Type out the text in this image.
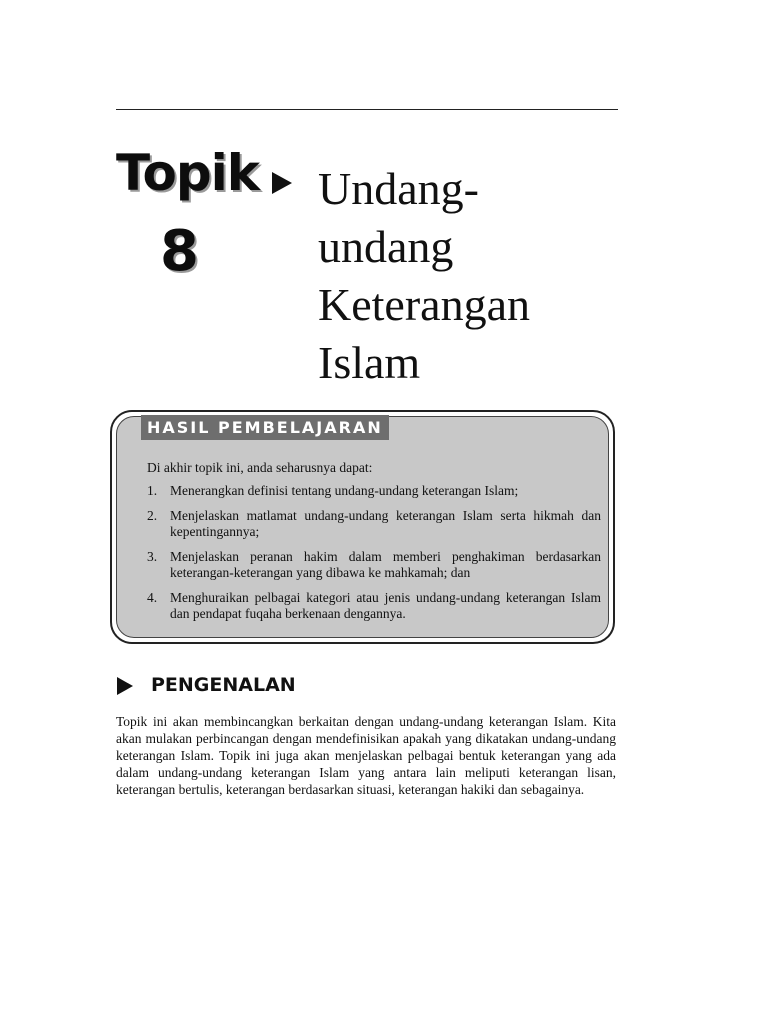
Topik
8
Undang-
undang
Keterangan
Islam
HASIL PEMBELAJARAN
Di akhir topik ini, anda seharusnya dapat:
1. Menerangkan definisi tentang undang-undang keterangan Islam;
2. Menjelaskan matlamat undang-undang keterangan Islam serta hikmah dan kepentingannya;
3. Menjelaskan peranan hakim dalam memberi penghakiman berdasarkan keterangan-keterangan yang dibawa ke mahkamah; dan
4. Menghuraikan pelbagai kategori atau jenis undang-undang keterangan Islam dan pendapat fuqaha berkenaan dengannya.
PENGENALAN

Topik ini akan membincangkan berkaitan dengan undang-undang keterangan Islam. Kita akan mulakan perbincangan dengan mendefinisikan apakah yang dikatakan undang-undang keterangan Islam. Topik ini juga akan menjelaskan pelbagai bentuk keterangan yang ada dalam undang-undang keterangan Islam yang antara lain meliputi keterangan lisan, keterangan bertulis, keterangan berdasarkan situasi, keterangan hakiki dan sebagainya.
